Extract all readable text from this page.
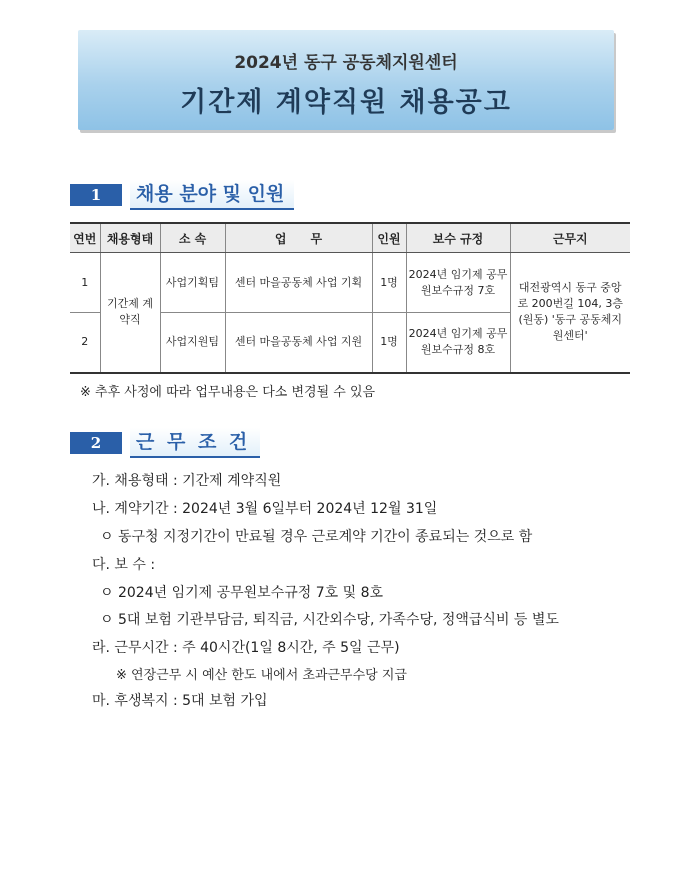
2024년 동구 공동체지원센터
기간제 계약직원 채용공고
1	채용 분야 및 인원
연번	채용형태	소 속	업　　무	인원	보수 규정	근무지
1	기간제 계약직	사업기획팀	센터 마을공동체 사업 기획	1명	2024년 임기제 공무원보수규정 7호	대전광역시 동구 중앙로 200번길 104, 3층(원동) '동구 공동체지원센터'
2		사업지원팀	센터 마을공동체 사업 지원	1명	2024년 임기제 공무원보수규정 8호	
※ 추후 사정에 따라 업무내용은 다소 변경될 수 있음
2	근 무 조 건
가. 채용형태 : 기간제 계약직원
나. 계약기간 : 2024년 3월 6일부터 2024년 12월 31일
ㅇ 동구청 지정기간이 만료될 경우 근로계약 기간이 종료되는 것으로 함
다. 보 수 :
ㅇ 2024년 임기제 공무원보수규정 7호 및 8호
ㅇ 5대 보험 기관부담금, 퇴직금, 시간외수당, 가족수당, 정액급식비 등 별도
라. 근무시간 : 주 40시간(1일 8시간, 주 5일 근무)
※ 연장근무 시 예산 한도 내에서 초과근무수당 지급
마. 후생복지 : 5대 보험 가입
